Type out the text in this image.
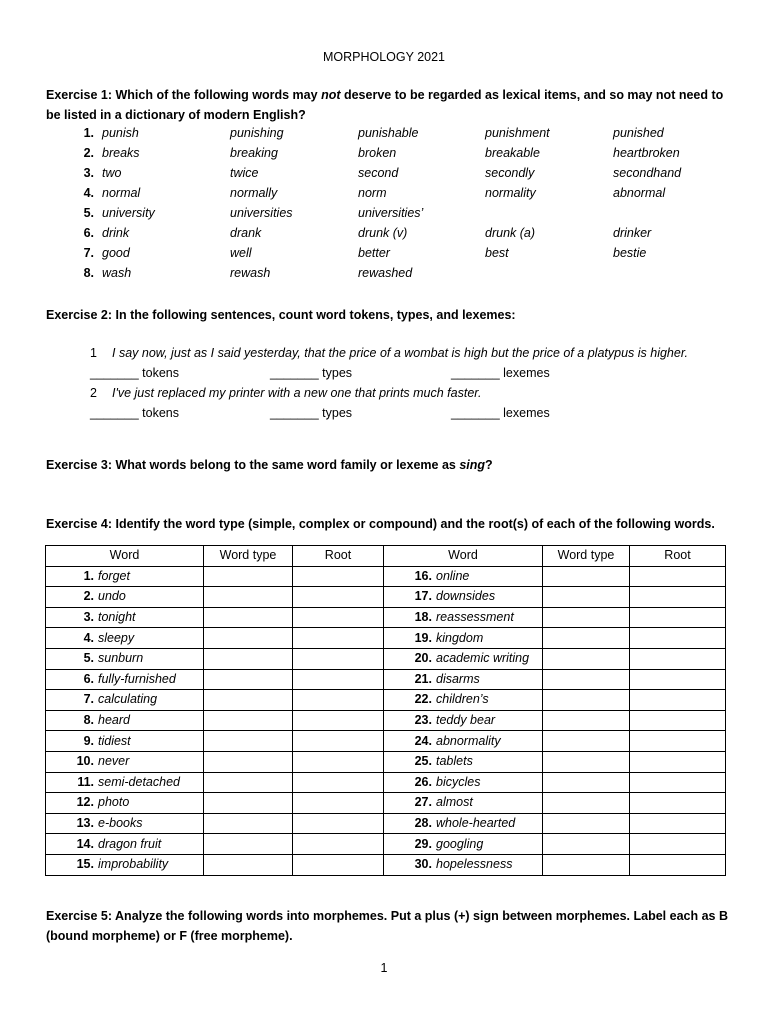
MORPHOLOGY 2021
Exercise 1: Which of the following words may not deserve to be regarded as lexical items, and so may not need to be listed in a dictionary of modern English?
1. punish	punishing	punishable	punishment	punished
2. breaks	breaking	broken	breakable	heartbroken
3. two	twice	second	secondly	secondhand
4. normal	normally	norm	normality	abnormal
5. university	universities	universities’
6. drink	drank	drunk (v)	drunk (a)	drinker
7. good	well	better	best	bestie
8. wash	rewash	rewashed
Exercise 2: In the following sentences, count word tokens, types, and lexemes:
1 I say now, just as I said yesterday, that the price of a wombat is high but the price of a platypus is higher.
_______ tokens	_______ types	_______ lexemes
2 I've just replaced my printer with a new one that prints much faster.
_______ tokens	_______ types	_______ lexemes
Exercise 3: What words belong to the same word family or lexeme as sing?
Exercise 4: Identify the word type (simple, complex or compound) and the root(s) of each of the following words.
Word	Word type	Root	Word	Word type	Root
1. forget			16. online		
2. undo			17. downsides		
3. tonight			18. reassessment		
4. sleepy			19. kingdom		
5. sunburn			20. academic writing		
6. fully-furnished			21. disarms		
7. calculating			22. children’s		
8. heard			23. teddy bear		
9. tidiest			24. abnormality		
10. never			25. tablets		
11. semi-detached			26. bicycles		
12. photo			27. almost		
13. e-books			28. whole-hearted		
14. dragon fruit			29. googling		
15. improbability			30. hopelessness		
Exercise 5: Analyze the following words into morphemes. Put a plus (+) sign between morphemes. Label each as B (bound morpheme) or F (free morpheme).
1
